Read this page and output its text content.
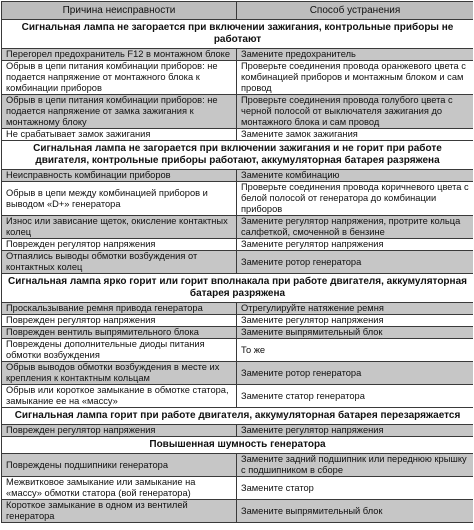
Причина неисправности	Способ устранения
Сигнальная лампа не загорается при включении зажигания, контрольные приборы не работают	
Перегорел предохранитель F12 в монтажном блоке	Замените предохранитель
Обрыв в цепи питания комбинации приборов: не подается напряжение от монтажного блока к комбинации приборов	Проверьте соединения провода оранжевого цвета с комбинацией приборов и монтажным блоком и сам провод
Обрыв в цепи питания комбинации приборов: не подается напряжение от замка зажигания к монтажному блоку	Проверьте соединения провода голубого цвета с черной полосой от выключателя зажигания до монтажного блока и сам провод
Не срабатывает замок зажигания	Замените замок зажигания
Сигнальная лампа не загорается при включении зажигания и не горит при работе двигателя, контрольные приборы работают, аккумуляторная батарея разряжена	
Неисправность комбинации приборов	Замените комбинацию
Обрыв в цепи между комбинацией приборов и выводом «D+» генератора	Проверьте соединения провода коричневого цвета с белой полосой от генератора до комбинации приборов
Износ или зависание щеток, окисление контактных колец	Замените регулятор напряжения, протрите кольца салфеткой, смоченной в бензине
Поврежден регулятор напряжения	Замените регулятор напряжения
Отпаялись выводы обмотки возбуждения от контактных колец	Замените ротор генератора
Сигнальная лампа ярко горит или горит вполнакала при работе двигателя, аккумуляторная батарея разряжена	
Проскальзывание ремня привода генератора	Отрегулируйте натяжение ремня
Поврежден регулятор напряжения	Замените регулятор напряжения
Поврежден вентиль выпрямительного блока	Замените выпрямительный блок
Повреждены дополнительные диоды питания обмотки возбуждения	То же
Обрыв выводов обмотки возбуждения в месте их крепления к контактным кольцам	Замените ротор генератора
Обрыв или короткое замыкание в обмотке статора, замыкание ее на «массу»	Замените статор генератора
Сигнальная лампа горит при работе двигателя, аккумуляторная батарея перезаряжается	
Поврежден регулятор напряжения	Замените регулятор напряжения
Повышенная шумность генератора	
Повреждены подшипники генератора	Замените задний подшипник или переднюю крышку с подшипником в сборе
Межвитковое замыкание или замыкание на «массу» обмотки статора (вой генератора)	Замените статор
Короткое замыкание в одном из вентилей генератора	Замените выпрямительный блок
